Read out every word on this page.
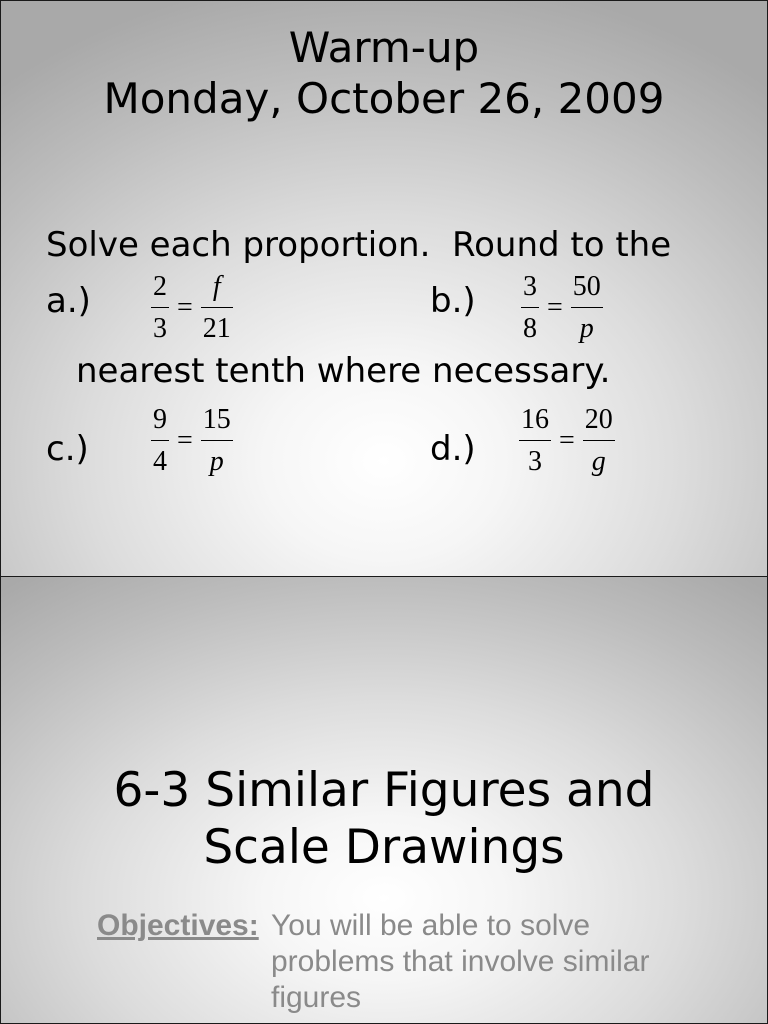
Warm-up
Monday, October 26, 2009

Solve each proportion.  Round to the

nearest tenth where necessary.

$a.) \frac{2}{3} = \frac{f}{21}$	$b.) \frac{3}{8} = \frac{50}{p}$
$c.) \frac{9}{4} = \frac{15}{p}$	$d.) \frac{16}{3} = \frac{20}{g}$
6-3 Similar Figures and
Scale Drawings
Objectives: You will be able to solve
problems that involve similar
figures
